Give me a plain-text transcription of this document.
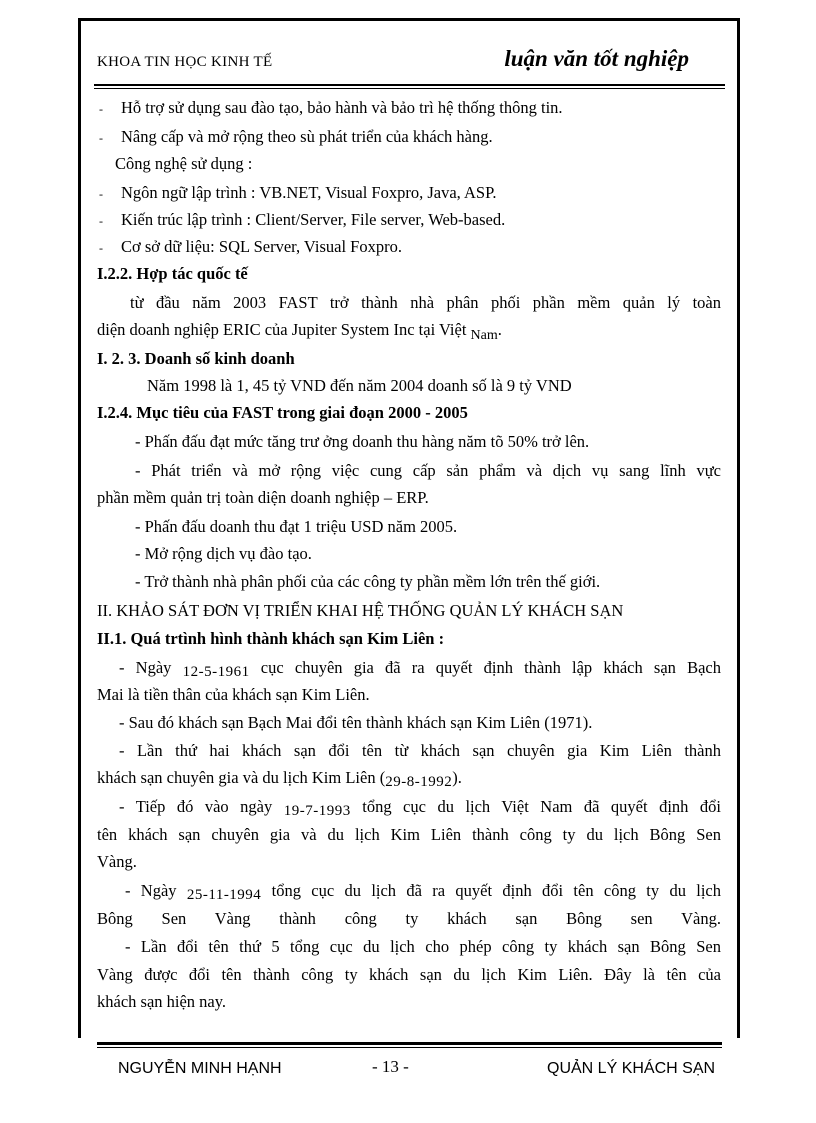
KHOA TIN HỌC KINH TẾ	luận văn tốt nghiệp
‐ Hỗ trợ sử dụng sau đào tạo, bảo hành và bảo trì hệ thống thông tin.
‐ Nâng cấp và mở rộng theo sù phát triển của khách hàng.
Công nghệ sử dụng :
‐ Ngôn ngữ lập trình : VB.NET, Visual Foxpro, Java, ASP.
‐ Kiến trúc lập trình : Client/Server, File server, Web-based.
‐ Cơ sở dữ liệu: SQL Server, Visual Foxpro.
I.2.2. Hợp tác quốc tế
từ đầu năm 2003 FAST trở thành nhà phân phối phần mềm quản lý toàn
diện doanh nghiệp ERIC của Jupiter System Inc tại Việt $_{Nam}$.
I. 2. 3. Doanh số kinh doanh
Năm 1998 là 1, 45 tỷ VND đến năm 2004 doanh số là 9 tỷ VND
I.2.4. Mục tiêu của FAST trong giai đoạn 2000 - 2005
- Phấn đấu đạt mức tăng trư ởng doanh thu hàng năm tõ 50% trở lên.
- Phát triển và mở rộng việc cung cấp sản phẩm và dịch vụ sang lĩnh vực
phần mềm quản trị toàn diện doanh nghiệp – ERP.
- Phấn đấu doanh thu đạt 1 triệu USD năm 2005.
- Mở rộng dịch vụ đào tạo.
- Trở thành nhà phân phối của các công ty phần mềm lớn trên thế giới.
II. KHẢO SÁT ĐƠN VỊ TRIỂN KHAI HỆ THỐNG QUẢN LÝ KHÁCH SẠN
II.1. Quá trtình hình thành khách sạn Kim Liên :
- Ngày 12-5-1961 cục chuyên gia đã ra quyết định thành lập khách sạn Bạch
Mai là tiền thân của khách sạn Kim Liên.
- Sau đó khách sạn Bạch Mai đổi tên thành khách sạn Kim Liên (1971).
- Lần thứ hai khách sạn đổi tên từ khách sạn chuyên gia Kim Liên thành
khách sạn chuyên gia và du lịch Kim Liên (29-8-1992).
- Tiếp đó vào ngày 19-7-1993 tổng cục du lịch Việt Nam đã quyết định đổi
tên khách sạn chuyên gia và du lịch Kim Liên thành công ty du lịch Bông Sen
Vàng.
- Ngày 25-11-1994 tổng cục du lịch đã ra quyết định đổi tên công ty du lịch
Bông Sen Vàng thành công ty khách sạn Bông sen Vàng.
- Lần đổi tên thứ 5 tổng cục du lịch cho phép công ty khách sạn Bông Sen
Vàng được đổi tên thành công ty khách sạn du lịch Kim Liên. Đây là tên của
khách sạn hiện nay.
NGUYỄN MINH HẠNH	- 13 -	QUẢN LÝ KHÁCH SẠN
